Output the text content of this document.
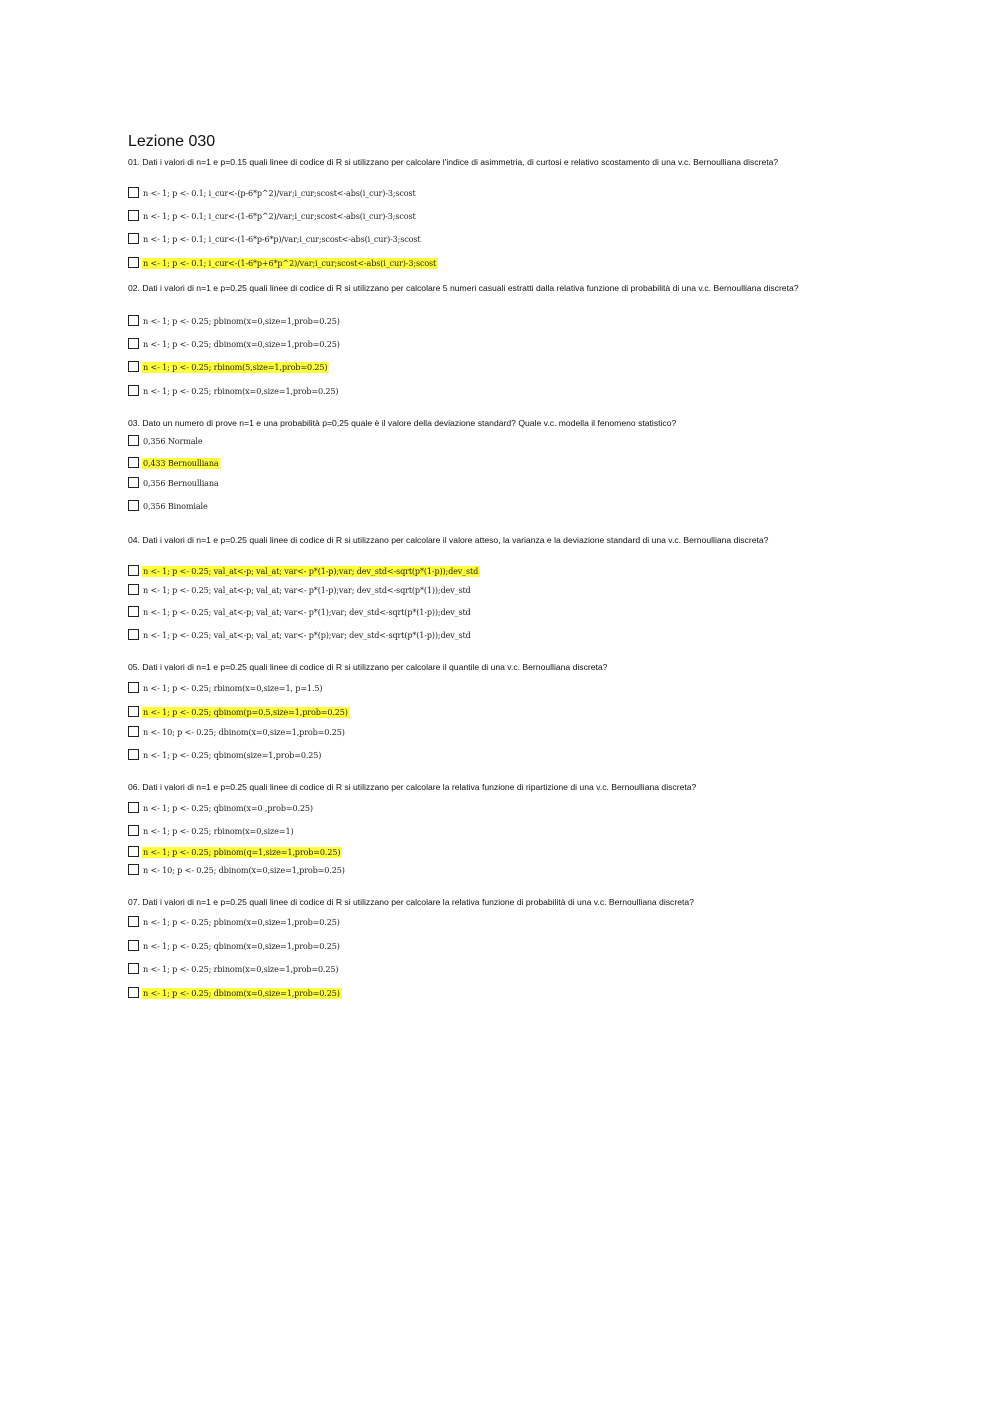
Lezione 030
01. Dati i valori di n=1 e p=0.15 quali linee di codice di R si utilizzano per calcolare l'indice di asimmetria, di curtosi e relativo scostamento di una v.c. Bernoulliana discreta?
n <- 1; p <- 0.1; i_cur<-(p-6*p^2)/var;i_cur;scost<-abs(i_cur)-3;scost
n <- 1; p <- 0.1; i_cur<-(1-6*p^2)/var;i_cur;scost<-abs(i_cur)-3;scost
n <- 1; p <- 0.1; i_cur<-(1-6*p-6*p)/var;i_cur;scost<-abs(i_cur)-3;scost
n <- 1; p <- 0.1; i_cur<-(1-6*p+6*p^2)/var;i_cur;scost<-abs(i_cur)-3;scost
02. Dati i valori di n=1 e p=0.25 quali linee di codice di R si utilizzano per calcolare 5 numeri casuali estratti dalla relativa funzione di probabilità di una v.c. Bernoulliana discreta?
n <- 1; p <- 0.25; pbinom(x=0,size=1,prob=0.25)
n <- 1; p <- 0.25; dbinom(x=0,size=1,prob=0.25)
n <- 1; p <- 0.25; rbinom(5,size=1,prob=0.25)
n <- 1; p <- 0.25; rbinom(x=0,size=1,prob=0.25)
03. Dato un numero di prove n=1 e una probabilità p=0,25 quale è il valore della deviazione standard? Quale v.c. modella il fenomeno statistico?
0,356 Normale
0,433 Bernoulliana
0,356 Bernoulliana
0,356 Binomiale
04. Dati i valori di n=1 e p=0.25 quali linee di codice di R si utilizzano per calcolare il valore atteso, la varianza e la deviazione standard di una v.c. Bernoulliana discreta?
n <- 1; p <- 0.25; val_at<-p; val_at; var<- p*(1-p);var; dev_std<-sqrt(p*(1-p));dev_std
n <- 1; p <- 0.25; val_at<-p; val_at; var<- p*(1-p);var; dev_std<-sqrt(p*(1));dev_std
n <- 1; p <- 0.25; val_at<-p; val_at; var<- p*(1);var; dev_std<-sqrt(p*(1-p));dev_std
n <- 1; p <- 0.25; val_at<-p; val_at; var<- p*(p);var; dev_std<-sqrt(p*(1-p));dev_std
05. Dati i valori di n=1 e p=0.25 quali linee di codice di R si utilizzano per calcolare il quantile di una v.c. Bernoulliana discreta?
n <- 1; p <- 0.25; rbinom(x=0,size=1, p=1.5)
n <- 1; p <- 0.25; qbinom(p=0.5,size=1,prob=0.25)
n <- 10; p <- 0.25; dbinom(x=0,size=1,prob=0.25)
n <- 1; p <- 0.25; qbinom(size=1,prob=0.25)
06. Dati i valori di n=1 e p=0.25 quali linee di codice di R si utilizzano per calcolare la relativa funzione di ripartizione di una v.c. Bernoulliana discreta?
n <- 1; p <- 0.25; qbinom(x=0 ,prob=0.25)
n <- 1; p <- 0.25; rbinom(x=0,size=1)
n <- 1; p <- 0.25; pbinom(q=1,size=1,prob=0.25)
n <- 10; p <- 0.25; dbinom(x=0,size=1,prob=0.25)
07. Dati i valori di n=1 e p=0.25 quali linee di codice di R si utilizzano per calcolare la relativa funzione di probabilità di una v.c. Bernoulliana discreta?
n <- 1; p <- 0.25; pbinom(x=0,size=1,prob=0.25)
n <- 1; p <- 0.25; qbinom(x=0,size=1,prob=0.25)
n <- 1; p <- 0.25; rbinom(x=0,size=1,prob=0.25)
n <- 1; p <- 0.25; dbinom(x=0,size=1,prob=0.25)
